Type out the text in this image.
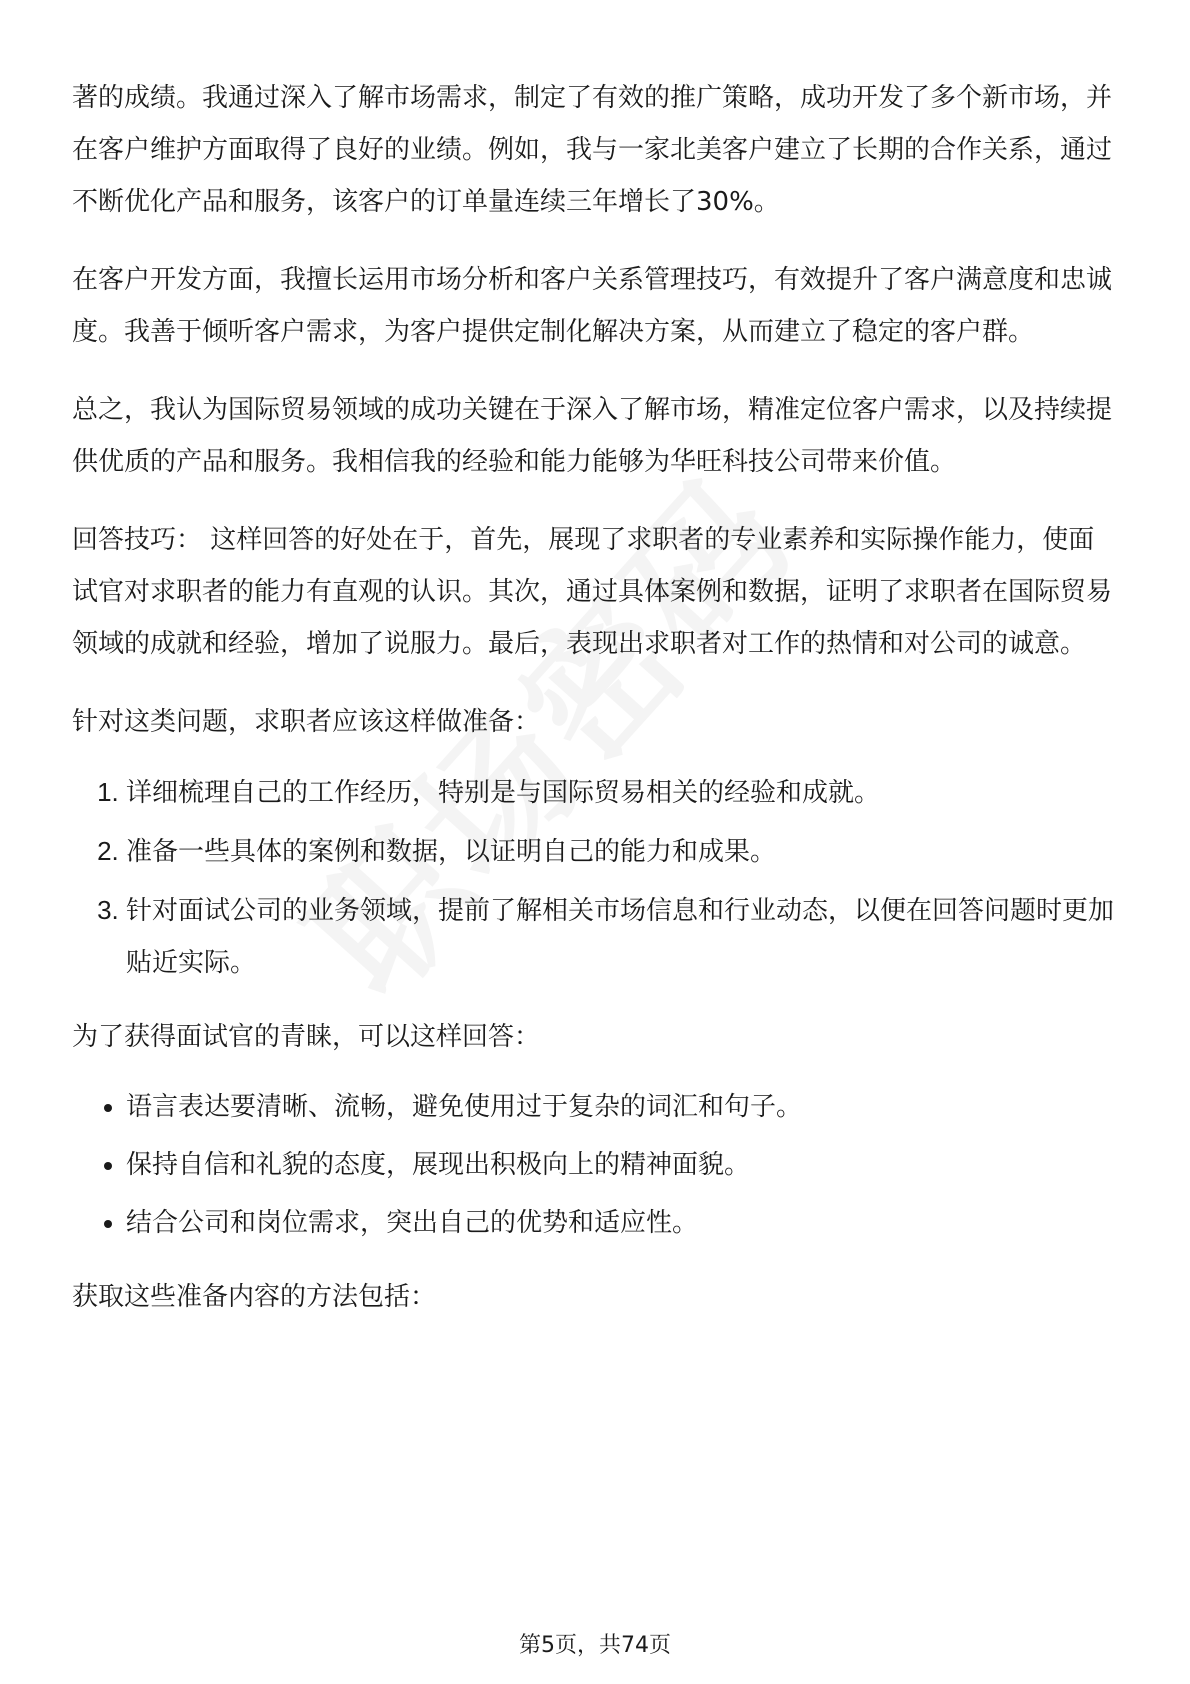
著的成绩。我通过深入了解市场需求，制定了有效的推广策略，成功开发了多个新市场，并在客户维护方面取得了良好的业绩。例如，我与一家北美客户建立了长期的合作关系，通过不断优化产品和服务，该客户的订单量连续三年增长了30%。

在客户开发方面，我擅长运用市场分析和客户关系管理技巧，有效提升了客户满意度和忠诚度。我善于倾听客户需求，为客户提供定制化解决方案，从而建立了稳定的客户群。

总之，我认为国际贸易领域的成功关键在于深入了解市场，精准定位客户需求，以及持续提供优质的产品和服务。我相信我的经验和能力能够为华旺科技公司带来价值。

回答技巧： 这样回答的好处在于，首先，展现了求职者的专业素养和实际操作能力，使面试官对求职者的能力有直观的认识。其次，通过具体案例和数据，证明了求职者在国际贸易领域的成就和经验，增加了说服力。最后，表现出求职者对工作的热情和对公司的诚意。

针对这类问题，求职者应该这样做准备：

1. 详细梳理自己的工作经历，特别是与国际贸易相关的经验和成就。
2. 准备一些具体的案例和数据，以证明自己的能力和成果。
3. 针对面试公司的业务领域，提前了解相关市场信息和行业动态，以便在回答问题时更加贴近实际。

为了获得面试官的青睐，可以这样回答：

• 语言表达要清晰、流畅，避免使用过于复杂的词汇和句子。
• 保持自信和礼貌的态度，展现出积极向上的精神面貌。
• 结合公司和岗位需求，突出自己的优势和适应性。

获取这些准备内容的方法包括：

第5页，共74页
